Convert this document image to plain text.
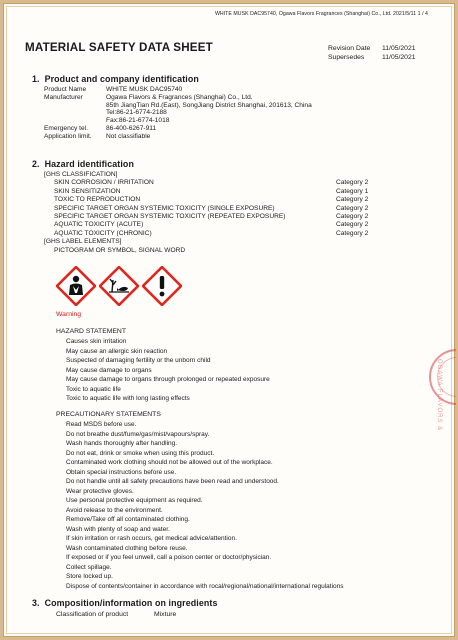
WHITE MUSK DAC95740, Ogawa Flavors Fragrances (Shanghai) Co., Ltd. 2021/5/11 1 / 4
MATERIAL SAFETY DATA SHEET	Revision Date	11/05/2021
Supersedes	11/05/2021
1. Product and company identification
Product Name	WHITE MUSK DAC95740
Manufacturer	Ogawa Flavors & Fragrances (Shanghai) Co., Ltd.
85th JiangTian Rd.(East), SongJiang District Shanghai, 201613, China
Tel:86-21-6774-2188
Fax:86-21-6774-1018
Emergency tel.	86-400-6267-911
Application limit.	Not classifiable
2. Hazard identification
[GHS CLASSIFICATION]
SKIN CORROSION / IRRITATION	Category 2
SKIN SENSITIZATION	Category 1
TOXIC TO REPRODUCTION	Category 2
SPECIFIC TARGET ORGAN SYSTEMIC TOXICITY (SINGLE EXPOSURE)	Category 2
SPECIFIC TARGET ORGAN SYSTEMIC TOXICITY (REPEATED EXPOSURE)	Category 2
AQUATIC TOXICITY (ACUTE)	Category 2
AQUATIC TOXICITY (CHRONIC)	Category 2
[GHS LABEL ELEMENTS]
PICTOGRAM OR SYMBOL, SIGNAL WORD
Warning
HAZARD STATEMENT
Causes skin irritation
May cause an allergic skin reaction
Suspected of damaging fertility or the unborn child
May cause damage to organs
May cause damage to organs through prolonged or repeated exposure
Toxic to aquatic life
Toxic to aquatic life with long lasting effects
PRECAUTIONARY STATEMENTS
Read MSDS before use.
Do not breathe dust/fume/gas/mist/vapours/spray.
Wash hands thoroughly after handling.
Do not eat, drink or smoke when using this product.
Contaminated work clothing should not be allowed out of the workplace.
Obtain special instructions before use.
Do not handle until all safety precautions have been read and understood.
Wear protective gloves.
Use personal protective equipment as required.
Avoid release to the environment.
Remove/Take off all contaminated clothing.
Wash with plenty of soap and water.
If skin irritation or rash occurs, get medical advice/attention.
Wash contaminated clothing before reuse.
If exposed or if you feel unwell, call a poison center or doctor/physician.
Collect spillage.
Store locked up.
Dispose of contents/container in accordance with rocal/regional/national/international regulations
OGAWA FLAVORS &
3. Composition/information on ingredients
Classification of product	Mixture
